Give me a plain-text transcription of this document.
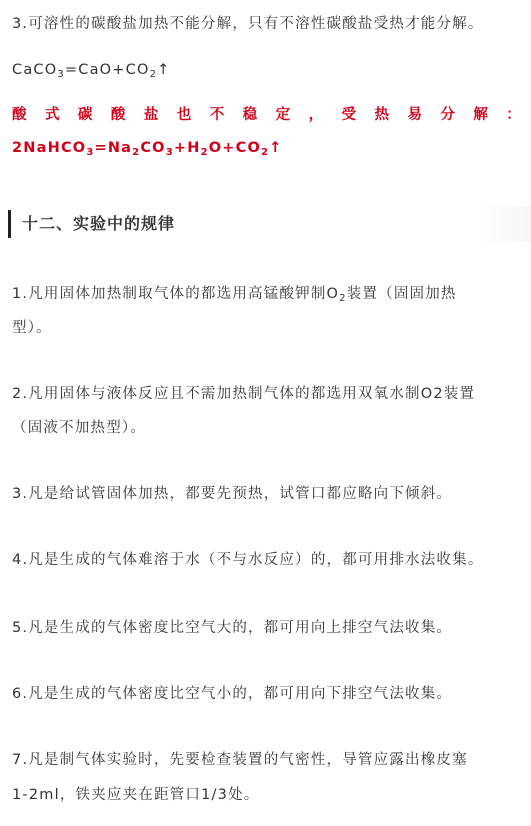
3.可溶性的碳酸盐加热不能分解，只有不溶性碳酸盐受热才能分解。
$CaCO_3=CaO+CO_2↑$
酸 式 碳 酸 盐 也 不 稳 定 ， 受 热 易 分 解 ：
$2NaHCO_3=Na_2CO_3+H_2O+CO_2↑$
十二、实验中的规律
1.凡用固体加热制取气体的都选用高锰酸钾制$O_2$装置（固固加热
型）。
2.凡用固体与液体反应且不需加热制气体的都选用双氧水制O2装置
（固液不加热型）。
3.凡是给试管固体加热，都要先预热，试管口都应略向下倾斜。
4.凡是生成的气体难溶于水（不与水反应）的，都可用排水法收集。
5.凡是生成的气体密度比空气大的，都可用向上排空气法收集。
6.凡是生成的气体密度比空气小的，都可用向下排空气法收集。
7.凡是制气体实验时，先要检查装置的气密性，导管应露出橡皮塞
1-2ml，铁夹应夹在距管口1/3处。
